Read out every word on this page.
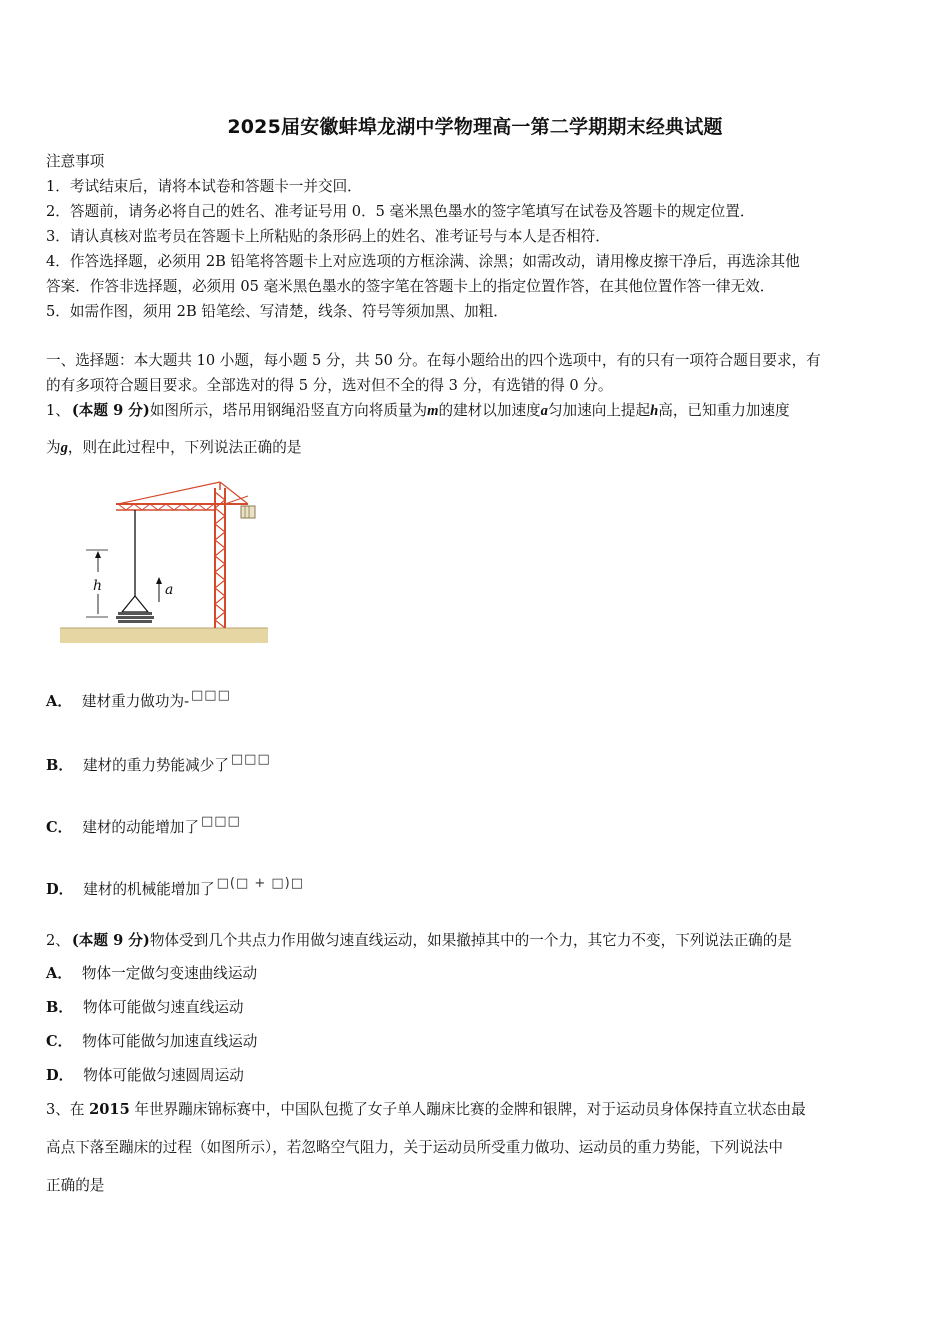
2025届安徽蚌埠龙湖中学物理高一第二学期期末经典试题
注意事项
1．考试结束后，请将本试卷和答题卡一并交回．
2．答题前，请务必将自己的姓名、准考证号用 0．5 毫米黑色墨水的签字笔填写在试卷及答题卡的规定位置．
3．请认真核对监考员在答题卡上所粘贴的条形码上的姓名、准考证号与本人是否相符．
4．作答选择题，必须用 2B 铅笔将答题卡上对应选项的方框涂满、涂黑；如需改动，请用橡皮擦干净后，再选涂其他
答案．作答非选择题，必须用 05 毫米黑色墨水的签字笔在答题卡上的指定位置作答，在其他位置作答一律无效．
5．如需作图，须用 2B 铅笔绘、写清楚，线条、符号等须加黑、加粗．
一、选择题：本大题共 10 小题，每小题 5 分，共 50 分。在每小题给出的四个选项中，有的只有一项符合题目要求，有
的有多项符合题目要求。全部选对的得 5 分，选对但不全的得 3 分，有选错的得 0 分。
1、 (本题 9 分)如图所示，塔吊用钢绳沿竖直方向将质量为m的建材以加速度a匀加速向上提起h高，已知重力加速度
为g，则在此过程中，下列说法正确的是
h	a
A． 建材重力做功为- □□□
B． 建材的重力势能减少了 □□□
C． 建材的动能增加了 □□□
D． 建材的机械能增加了 □(□ + □)□
2、 (本题 9 分)物体受到几个共点力作用做匀速直线运动，如果撤掉其中的一个力，其它力不变，下列说法正确的是
A． 物体一定做匀变速曲线运动
B． 物体可能做匀速直线运动
C． 物体可能做匀加速直线运动
D． 物体可能做匀速圆周运动
3、在 2015 年世界蹦床锦标赛中，中国队包揽了女子单人蹦床比赛的金牌和银牌，对于运动员身体保持直立状态由最
高点下落至蹦床的过程（如图所示），若忽略空气阻力，关于运动员所受重力做功、运动员的重力势能，下列说法中
正确的是
